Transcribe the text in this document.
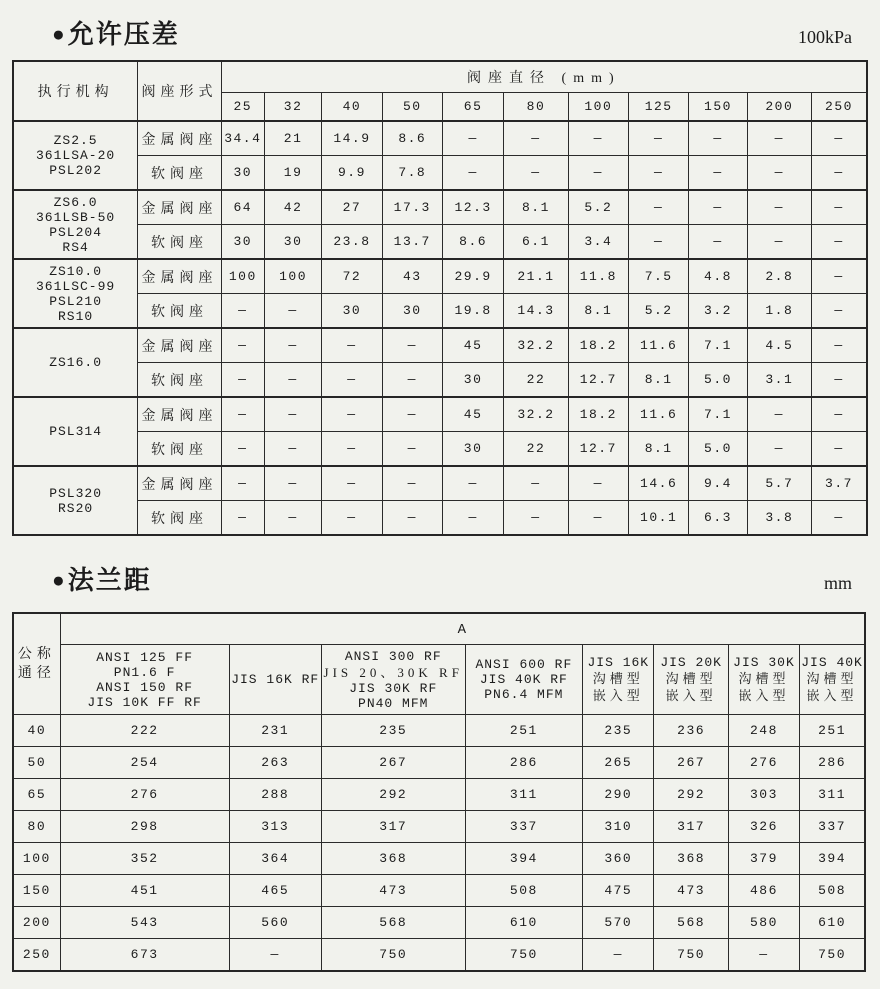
●允许压差	100kPa
执行机构	阀座形式	阀座直径 (mm)										
		25	32	40	50	65	80	100	125	150	200	250

ZS2.5
361LSA-20
PSL202	金属阀座	34.4	21	14.9	8.6	—	—	—	—	—	—	—
	软阀座	30	19	9.9	7.8	—	—	—	—	—	—	—

ZS6.0
361LSB-50
PSL204
RS4	金属阀座	64	42	27	17.3	12.3	8.1	5.2	—	—	—	—
	软阀座	30	30	23.8	13.7	8.6	6.1	3.4	—	—	—	—

ZS10.0
361LSC-99
PSL210
RS10	金属阀座	100	100	72	43	29.9	21.1	11.8	7.5	4.8	2.8	—
	软阀座	—	—	30	30	19.8	14.3	8.1	5.2	3.2	1.8	—

ZS16.0	金属阀座	—	—	—	—	45	32.2	18.2	11.6	7.1	4.5	—
	软阀座	—	—	—	—	30	22	12.7	8.1	5.0	3.1	—

PSL314	金属阀座	—	—	—	—	45	32.2	18.2	11.6	7.1	—	—
	软阀座	—	—	—	—	30	22	12.7	8.1	5.0	—	—

PSL320
RS20	金属阀座	—	—	—	—	—	—	—	14.6	9.4	5.7	3.7
	软阀座	—	—	—	—	—	—	—	10.1	6.3	3.8	—
●法兰距	mm
公称
通径	A							

	ANSI 125 FF
PN1.6 F
ANSI 150 RF
JIS 10K FF RF	JIS 16K RF	ANSI 300 RF
JIS 20、30K RF
JIS 30K RF
PN40 MFM	ANSI 600 RF
JIS 40K RF
PN6.4 MFM	JIS 16K
沟槽型
嵌入型	JIS 20K
沟槽型
嵌入型	JIS 30K
沟槽型
嵌入型	JIS 40K
沟槽型
嵌入型

40	222	231	235	251	235	236	248	251
50	254	263	267	286	265	267	276	286
65	276	288	292	311	290	292	303	311
80	298	313	317	337	310	317	326	337
100	352	364	368	394	360	368	379	394
150	451	465	473	508	475	473	486	508
200	543	560	568	610	570	568	580	610
250	673	—	750	750	—	750	—	750
